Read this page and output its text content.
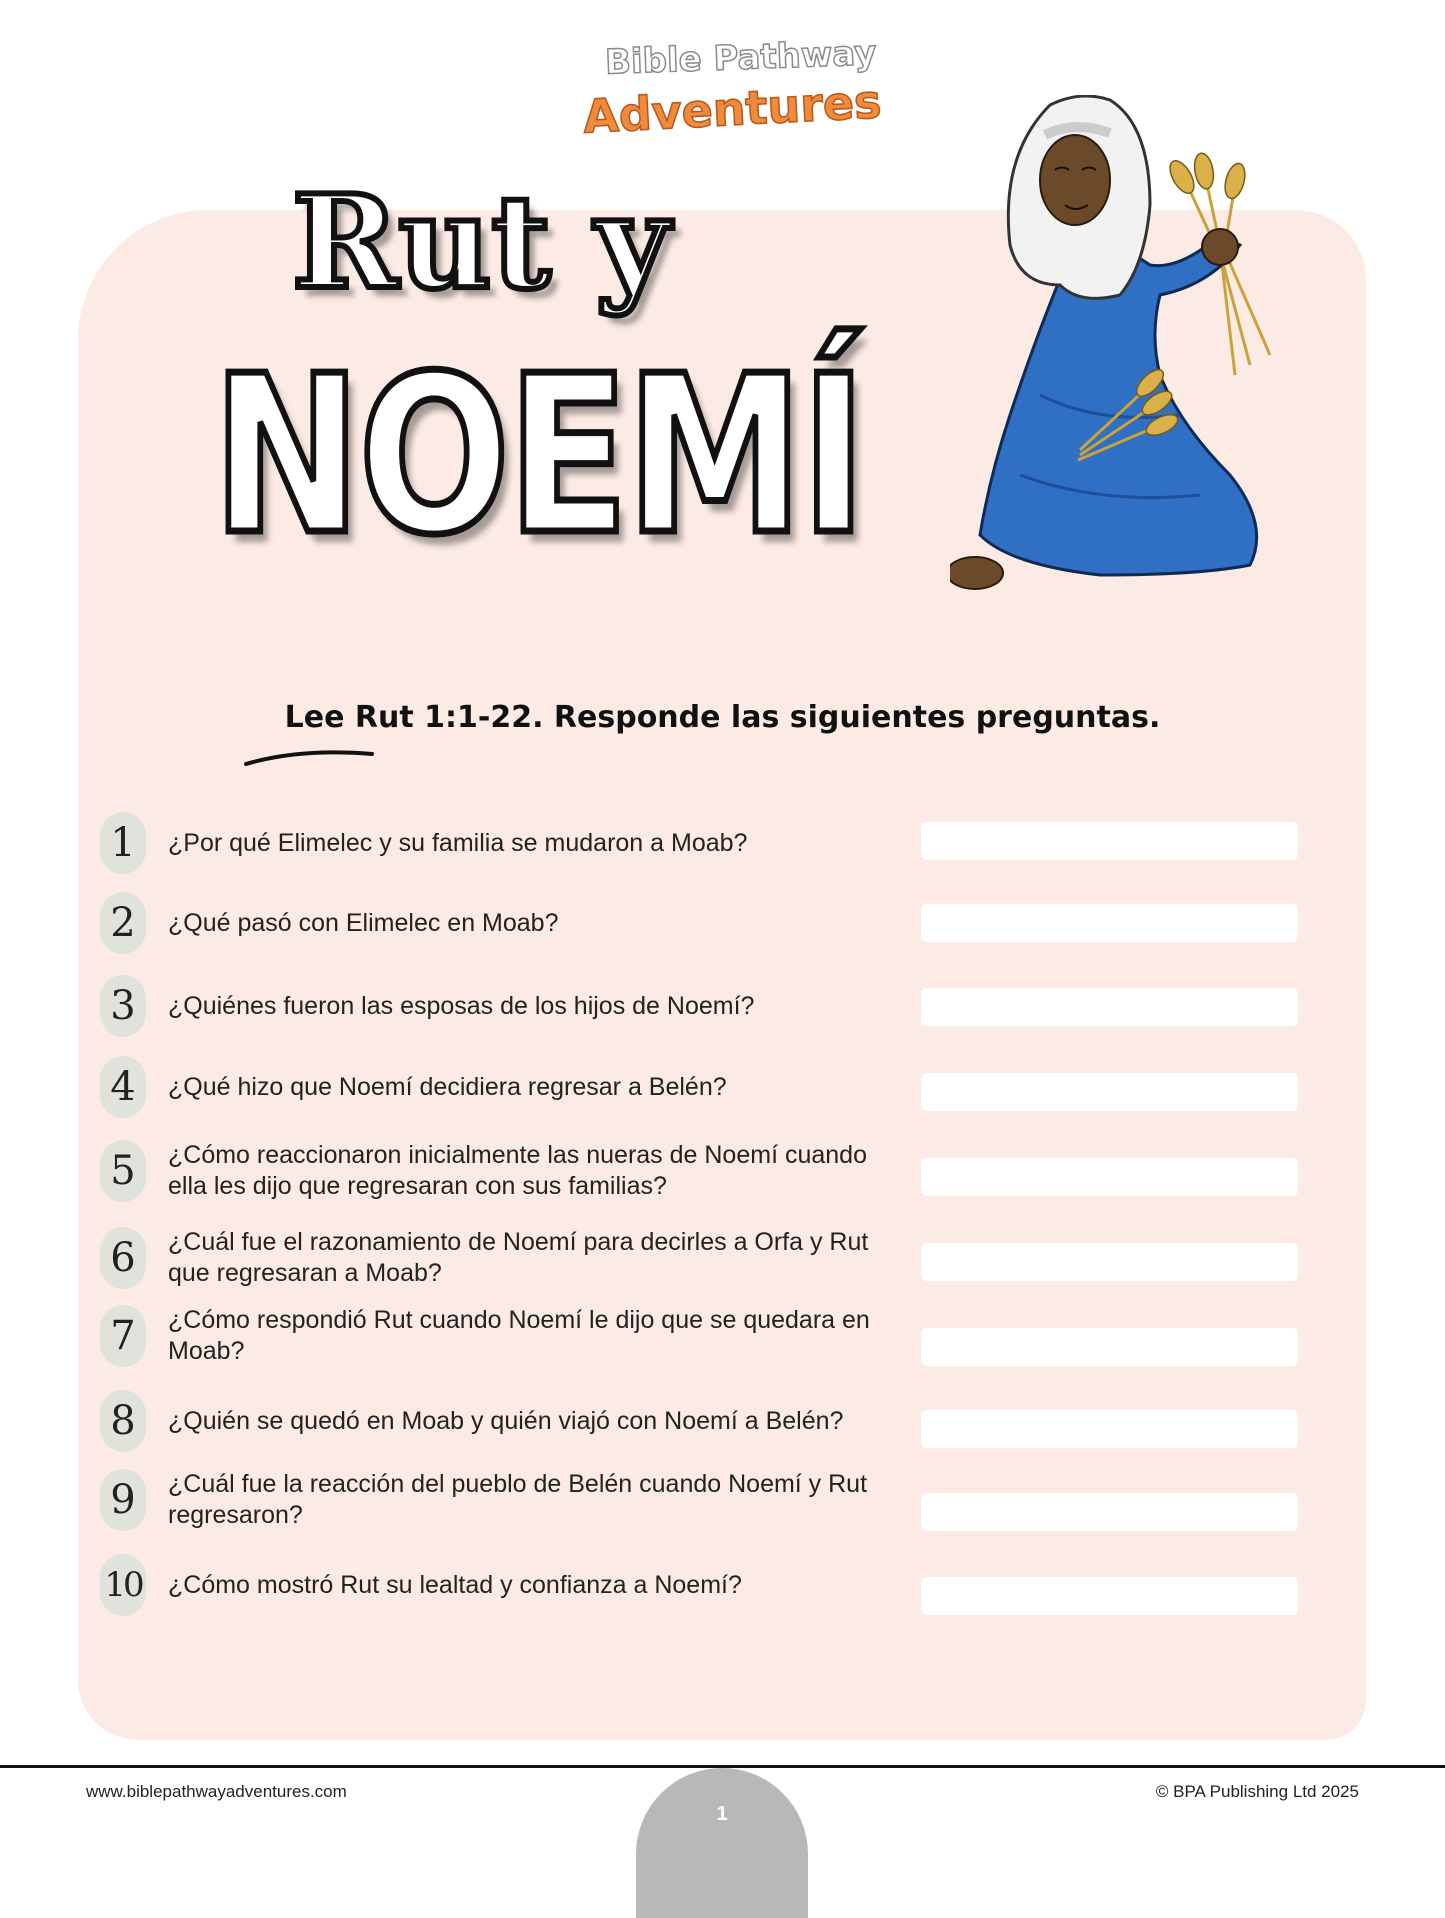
Bible Pathway
Adventures
Rut y
NOEMÍ
Lee Rut 1:1-22. Responde las siguientes preguntas.
1	¿Por qué Elimelec y su familia se mudaron a Moab?
2	¿Qué pasó con Elimelec en Moab?
3	¿Quiénes fueron las esposas de los hijos de Noemí?
4	¿Qué hizo que Noemí decidiera regresar a Belén?
5	¿Cómo reaccionaron inicialmente las nueras de Noemí cuando ella les dijo que regresaran con sus familias?
6	¿Cuál fue el razonamiento de Noemí para decirles a Orfa y Rut que regresaran a Moab?
7	¿Cómo respondió Rut cuando Noemí le dijo que se quedara en Moab?
8	¿Quién se quedó en Moab y quién viajó con Noemí a Belén?
9	¿Cuál fue la reacción del pueblo de Belén cuando Noemí y Rut regresaron?
10 ¿Cómo mostró Rut su lealtad y confianza a Noemí?
www.biblepathwayadventures.com	© BPA Publishing Ltd 2025
1
